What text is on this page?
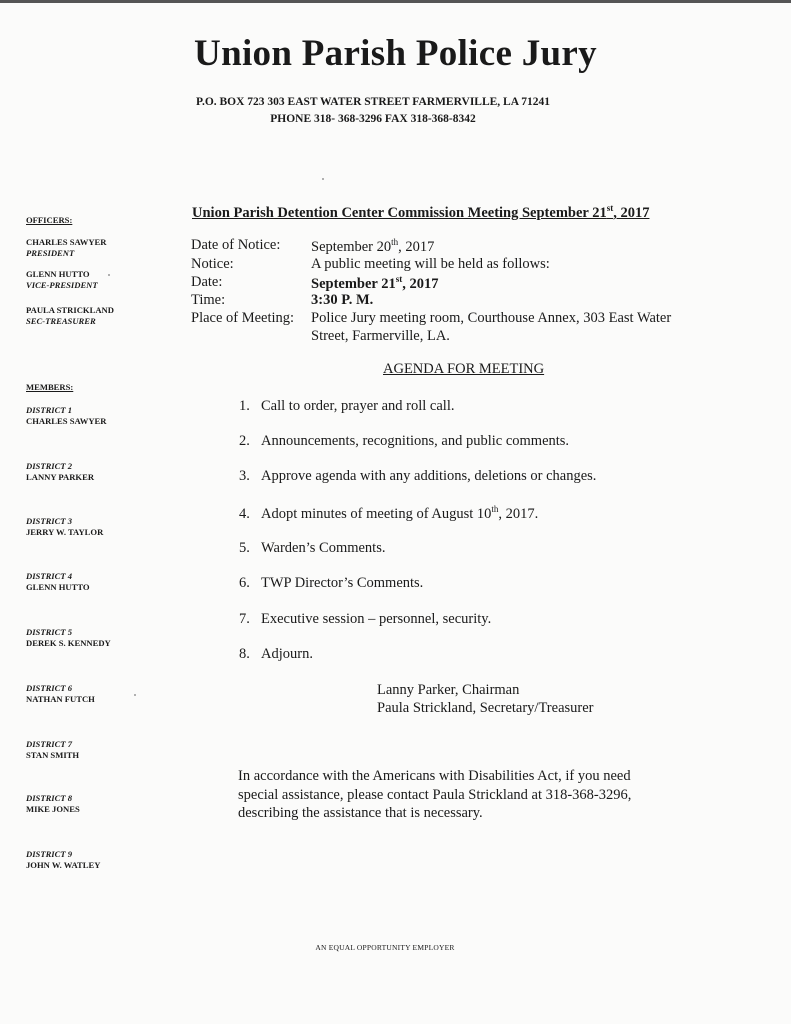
Union Parish Police Jury
P.O. BOX 723 303 EAST WATER STREET FARMERVILLE, LA 71241
PHONE 318- 368-3296 FAX 318-368-8342
OFFICERS:
CHARLES SAWYER
PRESIDENT
GLENN HUTTO
VICE-PRESIDENT
PAULA STRICKLAND
SEC-TREASURER
MEMBERS:
DISTRICT 1
CHARLES SAWYER
DISTRICT 2
LANNY PARKER
DISTRICT 3
JERRY W. TAYLOR
DISTRICT 4
GLENN HUTTO
DISTRICT 5
DEREK S. KENNEDY
DISTRICT 6
NATHAN FUTCH
DISTRICT 7
STAN SMITH
DISTRICT 8
MIKE JONES
DISTRICT 9
JOHN W. WATLEY
Union Parish Detention Center Commission Meeting September 21st, 2017
Date of Notice: September 20th, 2017
Notice:	A public meeting will be held as follows:
Date:	September 21st, 2017
Time:	3:30 P. M.
Place of Meeting: Police Jury meeting room, Courthouse Annex, 303 East Water
Street, Farmerville, LA.
AGENDA FOR MEETING
1. Call to order, prayer and roll call.
2. Announcements, recognitions, and public comments.
3. Approve agenda with any additions, deletions or changes.
4. Adopt minutes of meeting of August 10th, 2017.
5. Warden’s Comments.
6. TWP Director’s Comments.
7. Executive session – personnel, security.
8. Adjourn.
Lanny Parker, Chairman
Paula Strickland, Secretary/Treasurer
In accordance with the Americans with Disabilities Act, if you need
special assistance, please contact Paula Strickland at 318-368-3296,
describing the assistance that is necessary.
AN EQUAL OPPORTUNITY EMPLOYER
